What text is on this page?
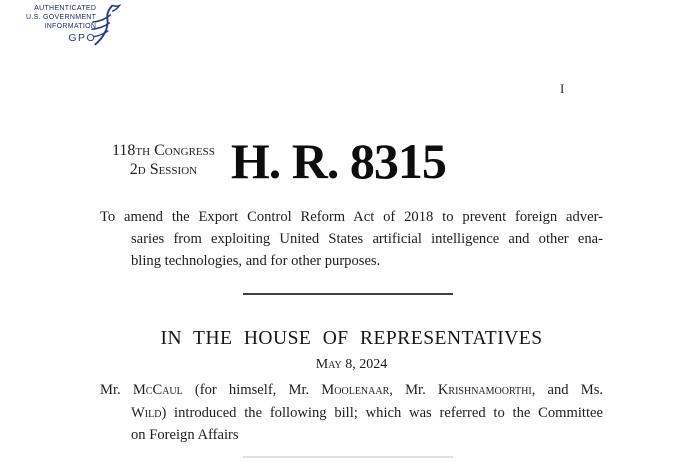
AUTHENTICATED
U.S. GOVERNMENT
INFORMATION
GPO
I
118th Congress
2d Session H. R. 8315
To amend the Export Control Reform Act of 2018 to prevent foreign adver-
saries from exploiting United States artificial intelligence and other ena-
bling technologies, and for other purposes.
IN THE HOUSE OF REPRESENTATIVES
May 8, 2024
Mr. McCaul (for himself, Mr. Moolenaar, Mr. Krishnamoorthi, and Ms.
Wild) introduced the following bill; which was referred to the Committee
on Foreign Affairs
